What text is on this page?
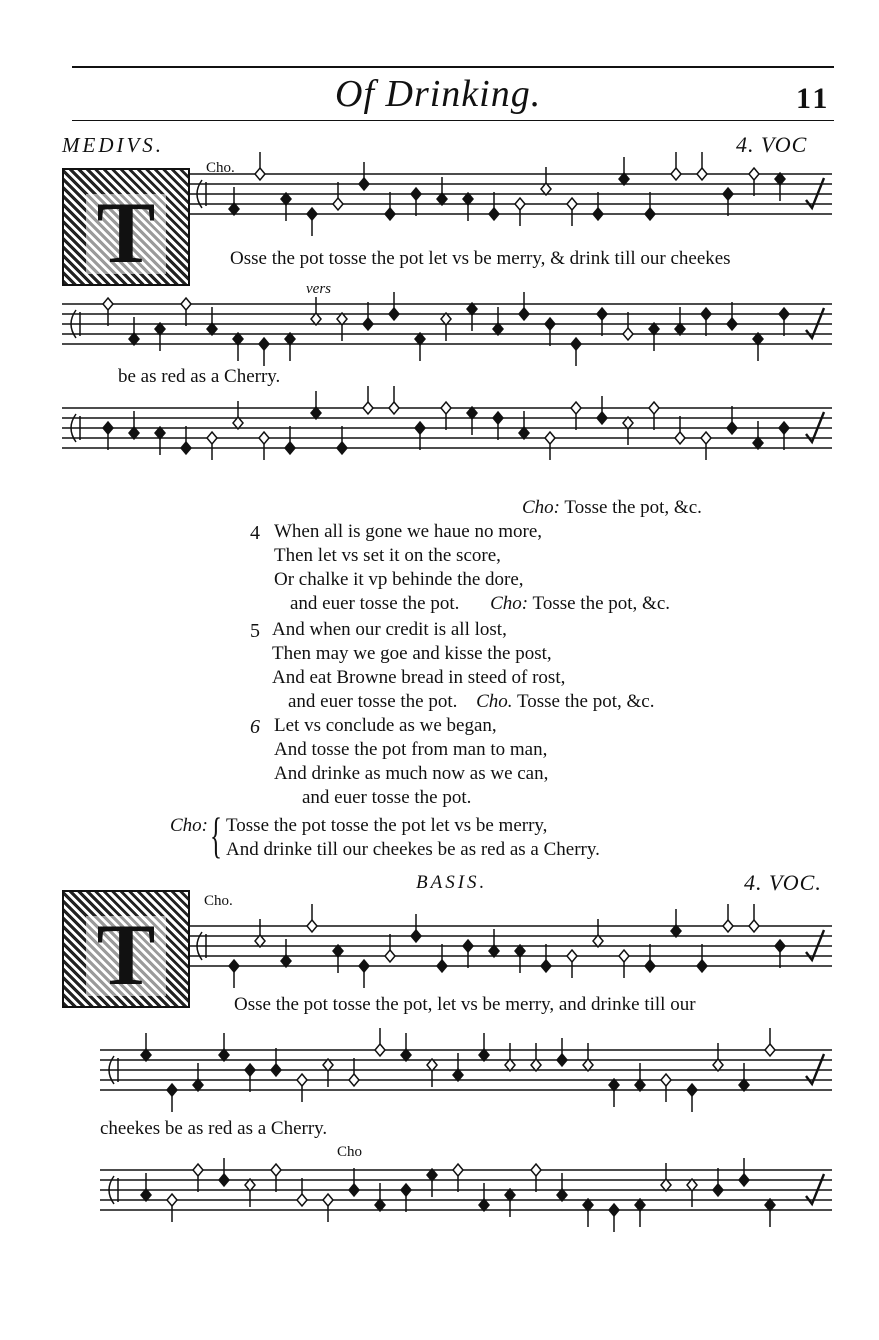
Of Drinking.	11
MEDIVS.	4. VOC
T
Cho.
Osse the pot tosse the pot let vs be merry, & drink till our cheekes
vers
be as red as a Cherry.
Cho: Tosse the pot, &c.
4 When all is gone we haue no more,
Then let vs set it on the score,
Or chalke it vp behinde the dore,
and euer tosse the pot. Cho: Tosse the pot, &c.
5 And when our credit is all lost,
Then may we goe and kisse the post,
And eat Browne bread in steed of rost,
and euer tosse the pot. Cho. Tosse the pot, &c.
6 Let vs conclude as we began,
And tosse the pot from man to man,
And drinke as much now as we can,
and euer tosse the pot.
Cho: { Tosse the pot tosse the pot let vs be merry,
And drinke till our cheekes be as red as a Cherry.
BASIS.	4. VOC.
T
Cho.
Osse the pot tosse the pot, let vs be merry, and drinke till our
cheekes be as red as a Cherry.
Cho
